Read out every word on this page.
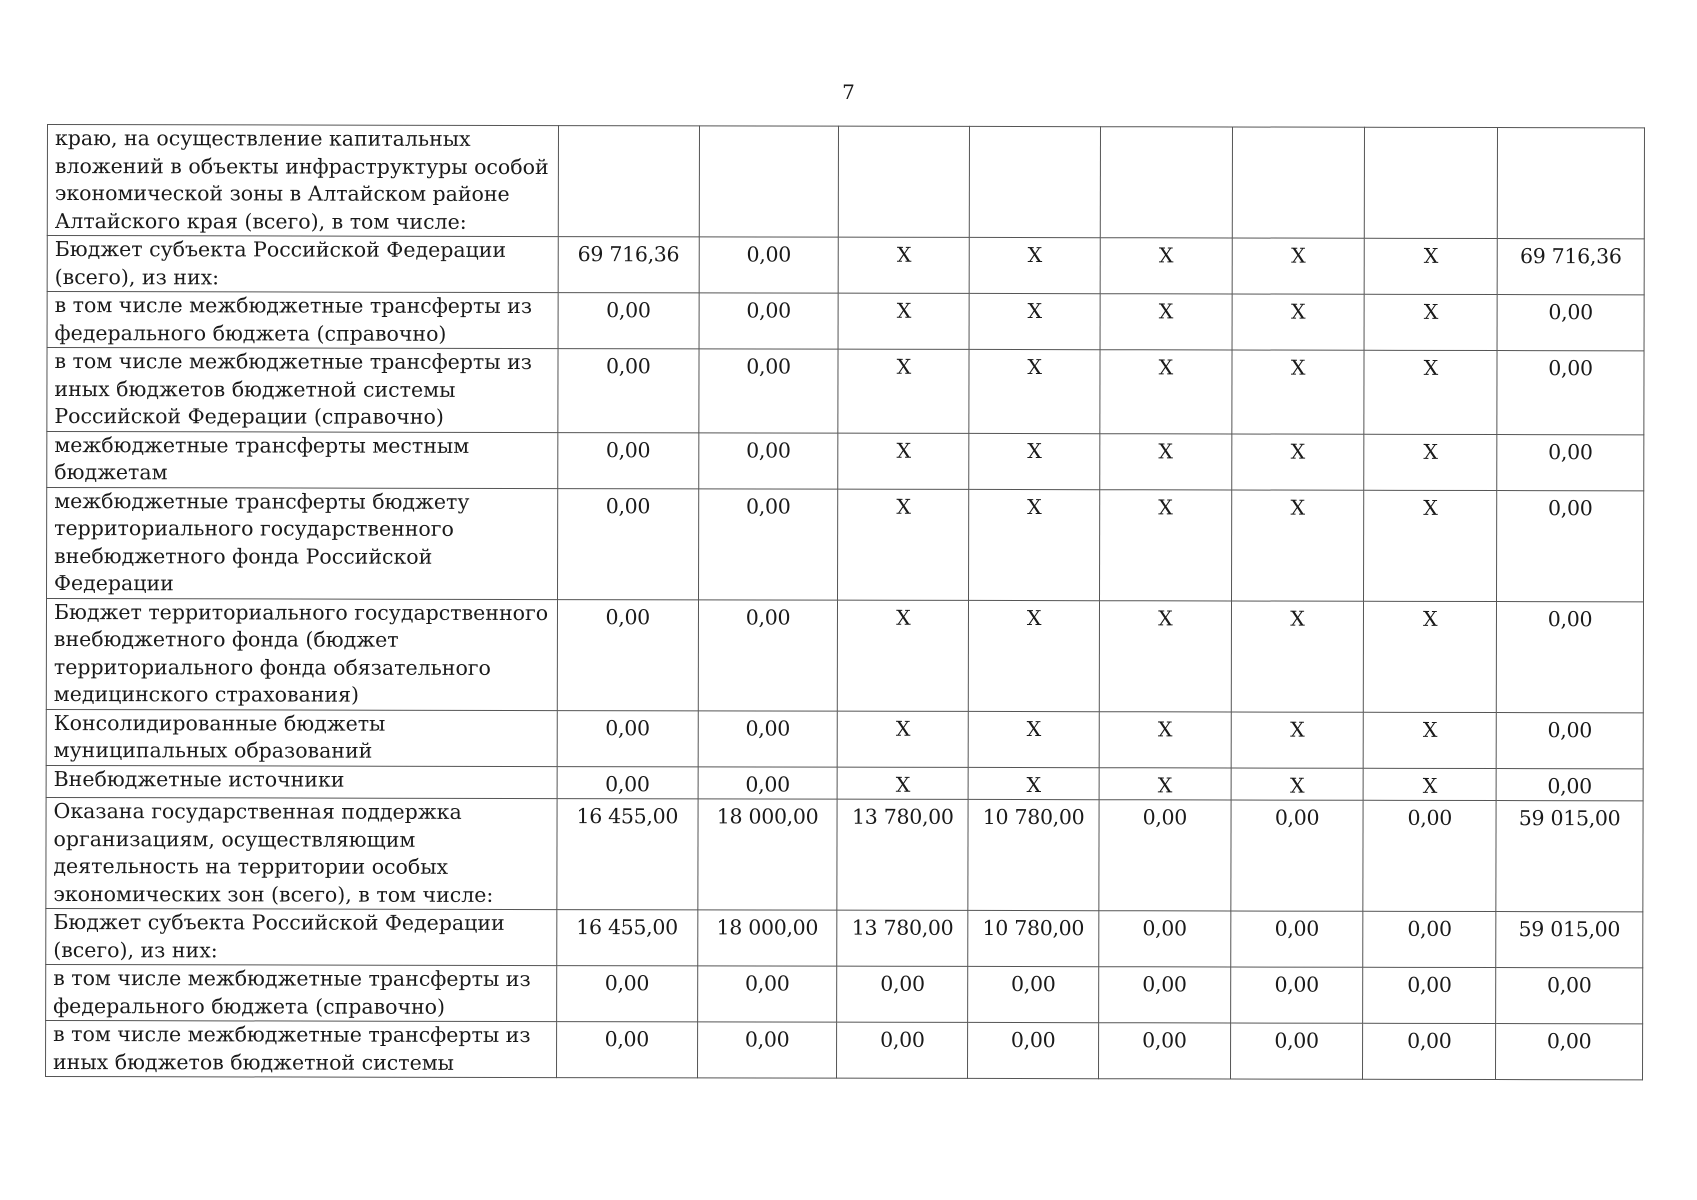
7
краю, на осуществление капитальных вложений в объекты инфраструктуры особой экономической зоны в Алтайском районе Алтайского края (всего), в том числе:								
Бюджет субъекта Российской Федерации (всего), из них:	69 716,36	0,00	X	X	X	X	X	69 716,36
в том числе межбюджетные трансферты из федерального бюджета (справочно)	0,00	0,00	X	X	X	X	X	0,00
в том числе межбюджетные трансферты из иных бюджетов бюджетной системы Российской Федерации (справочно)	0,00	0,00	X	X	X	X	X	0,00
межбюджетные трансферты местным бюджетам	0,00	0,00	X	X	X	X	X	0,00
межбюджетные трансферты бюджету территориального государственного внебюджетного фонда Российской Федерации	0,00	0,00	X	X	X	X	X	0,00
Бюджет территориального государственного внебюджетного фонда (бюджет территориального фонда обязательного медицинского страхования)	0,00	0,00	X	X	X	X	X	0,00
Консолидированные бюджеты муниципальных образований	0,00	0,00	X	X	X	X	X	0,00
Внебюджетные источники	0,00	0,00	X	X	X	X	X	0,00
Оказана государственная поддержка организациям, осуществляющим деятельность на территории особых экономических зон (всего), в том числе:	16 455,00	18 000,00	13 780,00	10 780,00	0,00	0,00	0,00	59 015,00
Бюджет субъекта Российской Федерации (всего), из них:	16 455,00	18 000,00	13 780,00	10 780,00	0,00	0,00	0,00	59 015,00
в том числе межбюджетные трансферты из федерального бюджета (справочно)	0,00	0,00	0,00	0,00	0,00	0,00	0,00	0,00
в том числе межбюджетные трансферты из иных бюджетов бюджетной системы	0,00	0,00	0,00	0,00	0,00	0,00	0,00	0,00
